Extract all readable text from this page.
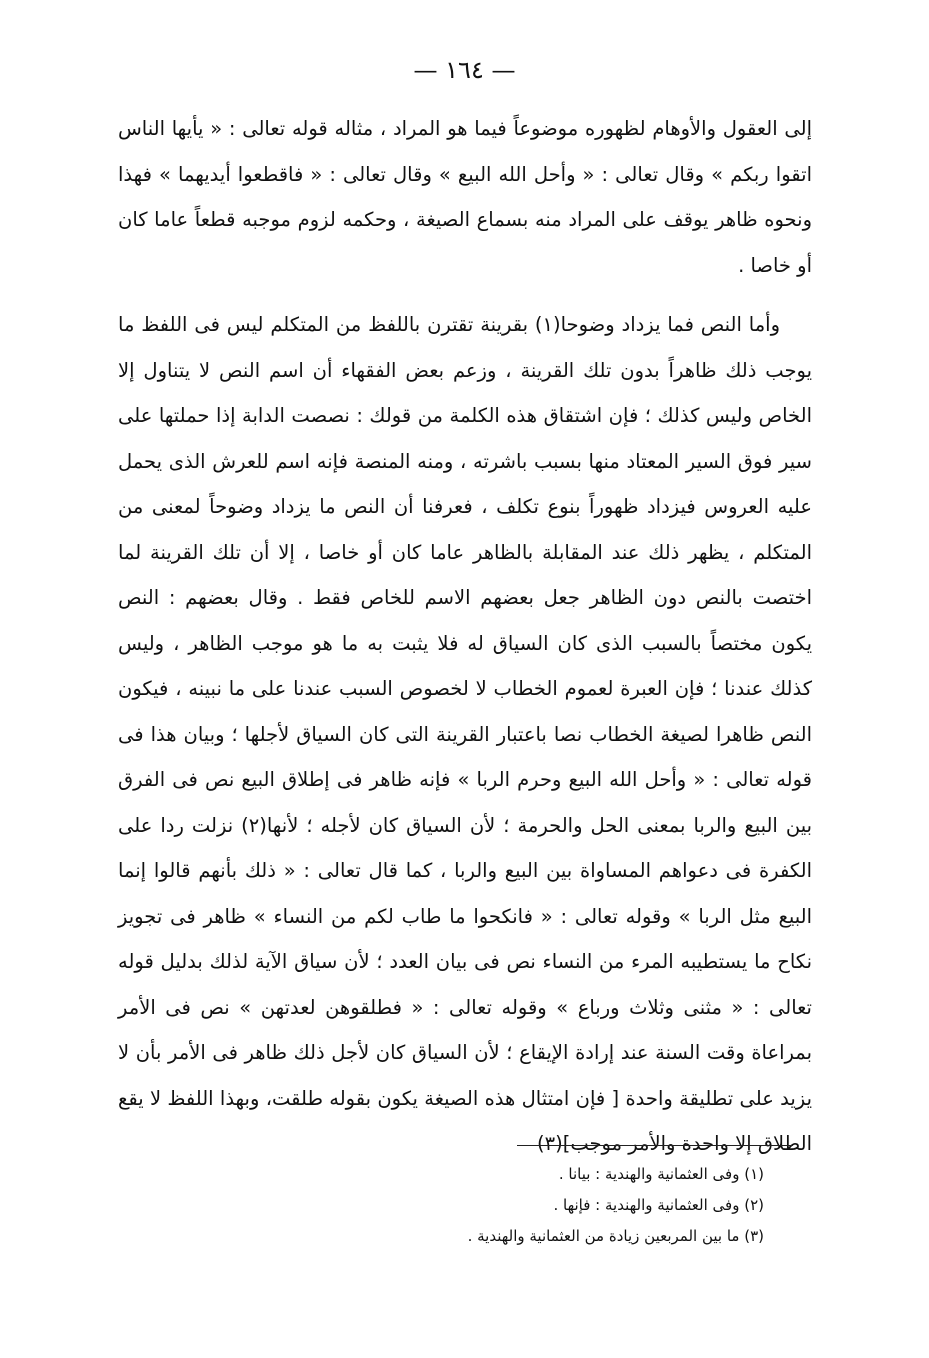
— ١٦٤ —

إلى العقول والأوهام لظهوره موضوعاً فيما هو المراد ، مثاله قوله تعالى : « يأيها الناس اتقوا ربكم » وقال تعالى : « وأحل الله البيع » وقال تعالى : « فاقطعوا أيديهما » فهذا ونحوه ظاهر يوقف على المراد منه بسماع الصيغة ، وحكمه لزوم موجبه قطعاً عاما كان أو خاصا .

وأما النص فما يزداد وضوحا(١) بقرينة تقترن باللفظ من المتكلم ليس فى اللفظ ما يوجب ذلك ظاهراً بدون تلك القرينة ، وزعم بعض الفقهاء أن اسم النص لا يتناول إلا الخاص وليس كذلك ؛ فإن اشتقاق هذه الكلمة من قولك : نصصت الدابة إذا حملتها على سير فوق السير المعتاد منها بسبب باشرته ، ومنه المنصة فإنه اسم للعرش الذى يحمل عليه العروس فيزداد ظهوراً بنوع تكلف ، فعرفنا أن النص ما يزداد وضوحاً لمعنى من المتكلم ، يظهر ذلك عند المقابلة بالظاهر عاما كان أو خاصا ، إلا أن تلك القرينة لما اختصت بالنص دون الظاهر جعل بعضهم الاسم للخاص فقط . وقال بعضهم : النص يكون مختصاً بالسبب الذى كان السياق له فلا يثبت به ما هو موجب الظاهر ، وليس كذلك عندنا ؛ فإن العبرة لعموم الخطاب لا لخصوص السبب عندنا على ما نبينه ، فيكون النص ظاهرا لصيغة الخطاب نصا باعتبار القرينة التى كان السياق لأجلها ؛ وبيان هذا فى قوله تعالى : « وأحل الله البيع وحرم الربا » فإنه ظاهر فى إطلاق البيع نص فى الفرق بين البيع والربا بمعنى الحل والحرمة ؛ لأن السياق كان لأجله ؛ لأنها(٢) نزلت ردا على الكفرة فى دعواهم المساواة بين البيع والربا ، كما قال تعالى : « ذلك بأنهم قالوا إنما البيع مثل الربا » وقوله تعالى : « فانكحوا ما طاب لكم من النساء » ظاهر فى تجويز نكاح ما يستطيبه المرء من النساء نص فى بيان العدد ؛ لأن سياق الآية لذلك بدليل قوله تعالى : « مثنى وثلاث ورباع » وقوله تعالى : « فطلقوهن لعدتهن » نص فى الأمر بمراعاة وقت السنة عند إرادة الإيقاع ؛ لأن السياق كان لأجل ذلك ظاهر فى الأمر بأن لا يزيد على تطليقة واحدة [ فإن امتثال هذه الصيغة يكون بقوله طلقت، وبهذا اللفظ لا يقع الطلاق إلا واحدة والأمر موجب](٣)

(١) وفى العثمانية والهندية : بيانا .

(٢) وفى العثمانية والهندية : فإنها .

(٣) ما بين المربعين زيادة من العثمانية والهندية .
